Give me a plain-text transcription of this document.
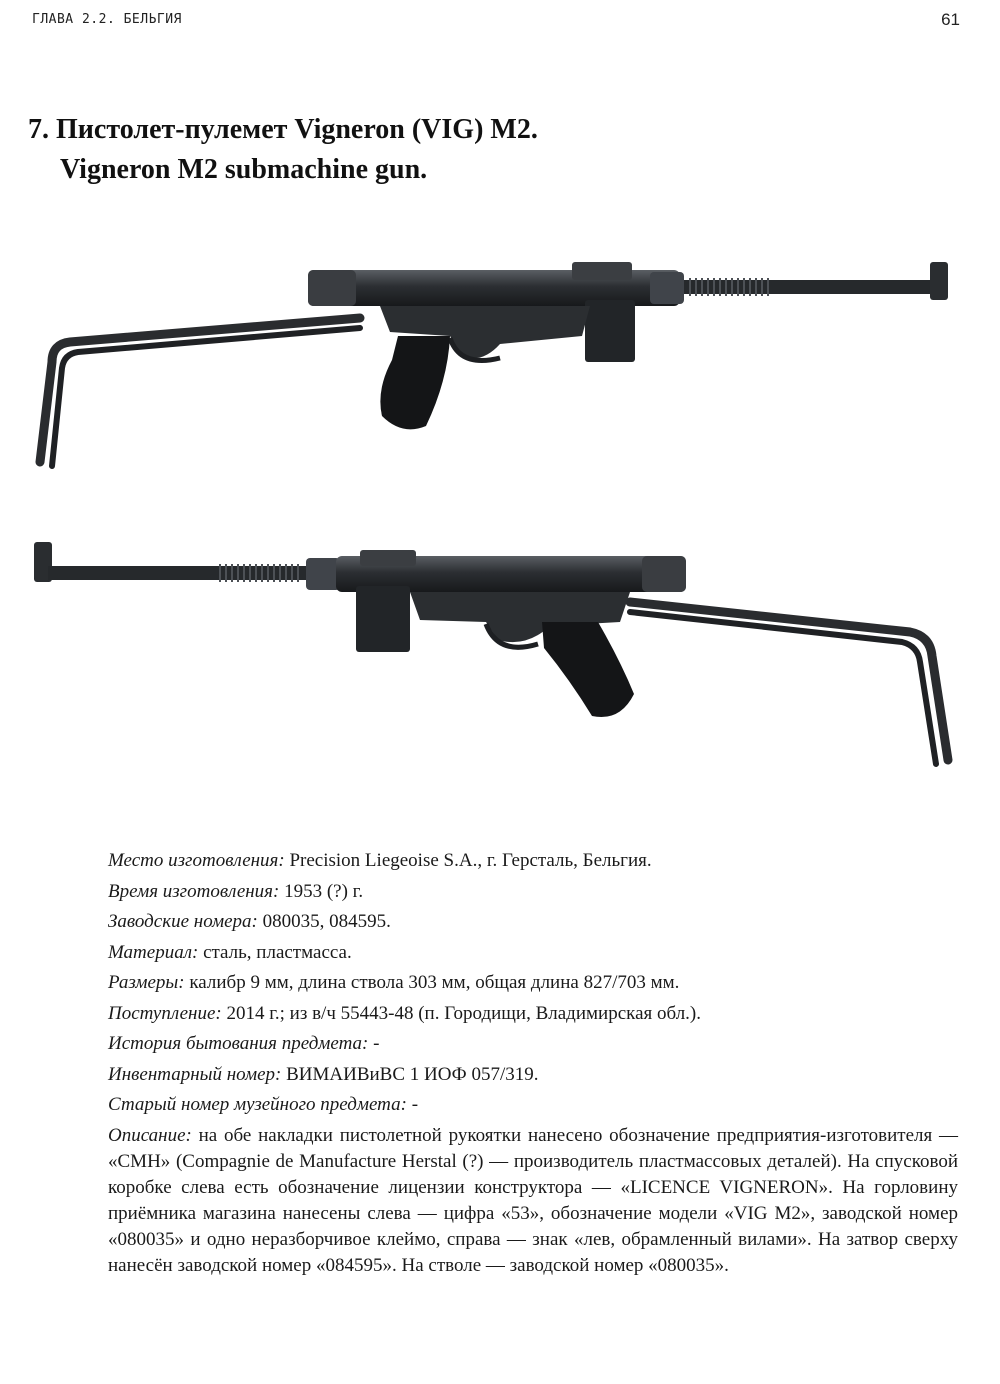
ГЛАВА 2.2. БЕЛЬГИЯ	61
7. Пистолет-пулемет Vigneron (VIG) M2.
Vigneron M2 submachine gun.

Место изготовления: Precision Liegeoise S.A., г. Герсталь, Бельгия.

Время изготовления: 1953 (?) г.

Заводские номера: 080035, 084595.

Материал: сталь, пластмасса.

Размеры: калибр 9 мм, длина ствола 303 мм, общая длина 827/703 мм.

Поступление: 2014 г.; из в/ч 55443-48 (п. Городищи, Владимирская обл.).

История бытования предмета: -

Инвентарный номер: ВИМАИВиВС 1 ИОФ 057/319.

Старый номер музейного предмета: -

Описание: на обе накладки пистолетной рукоятки нанесено обозначение предприятия-изготовителя — «СМН» (Compagnie de Manufacture Herstal (?) — производитель пластмассовых деталей). На спусковой коробке слева есть обозначение лицензии конструктора — «LICENCE VIGNERON». На горловину приёмника магазина нанесены слева — цифра «53», обозначение модели «VIG M2», заводской номер «080035» и одно неразборчивое клеймо, справа — знак «лев, обрамленный вилами». На затвор сверху нанесён заводской номер «084595». На стволе — заводской номер «080035».
